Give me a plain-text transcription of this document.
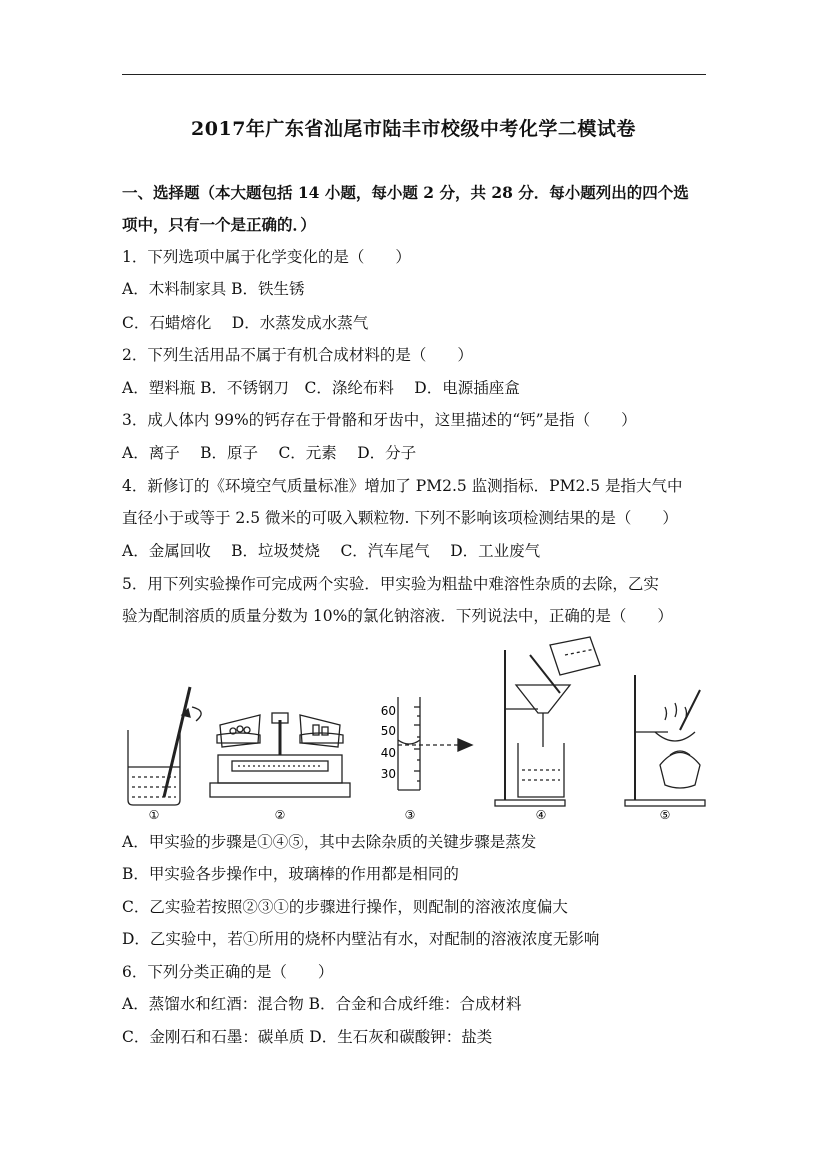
2017年广东省汕尾市陆丰市校级中考化学二模试卷
一、选择题（本大题包括 14 小题，每小题 2 分，共 28 分．每小题列出的四个选
项中，只有一个是正确的．）
1．下列选项中属于化学变化的是（　　）
A．木料制家具 B．铁生锈
C．石蜡熔化　 D．水蒸发成水蒸气
2．下列生活用品不属于有机合成材料的是（　　）
A．塑料瓶 B．不锈钢刀　C．涤纶布料　 D．电源插座盒
3．成人体内 99%的钙存在于骨骼和牙齿中，这里描述的“钙”是指（　　）
A．离子　 B．原子　 C．元素　 D．分子
4．新修订的《环境空气质量标准》增加了 PM2.5 监测指标．PM2.5 是指大气中
直径小于或等于 2.5 微米的可吸入颗粒物. 下列不影响该项检测结果的是（　　）
A．金属回收　 B．垃圾焚烧　 C．汽车尾气　 D．工业废气
5．用下列实验操作可完成两个实验．甲实验为粗盐中难溶性杂质的去除，乙实
验为配制溶质的质量分数为 10%的氯化钠溶液．下列说法中，正确的是（　　）
60
50
40
30
①	②	③	④	⑤
A．甲实验的步骤是①④⑤，其中去除杂质的关键步骤是蒸发
B．甲实验各步操作中，玻璃棒的作用都是相同的
C．乙实验若按照②③①的步骤进行操作，则配制的溶液浓度偏大
D．乙实验中，若①所用的烧杯内壁沾有水，对配制的溶液浓度无影响
6．下列分类正确的是（　　）
A．蒸馏水和红酒：混合物 B．合金和合成纤维：合成材料
C．金刚石和石墨：碳单质 D．生石灰和碳酸钾：盐类
